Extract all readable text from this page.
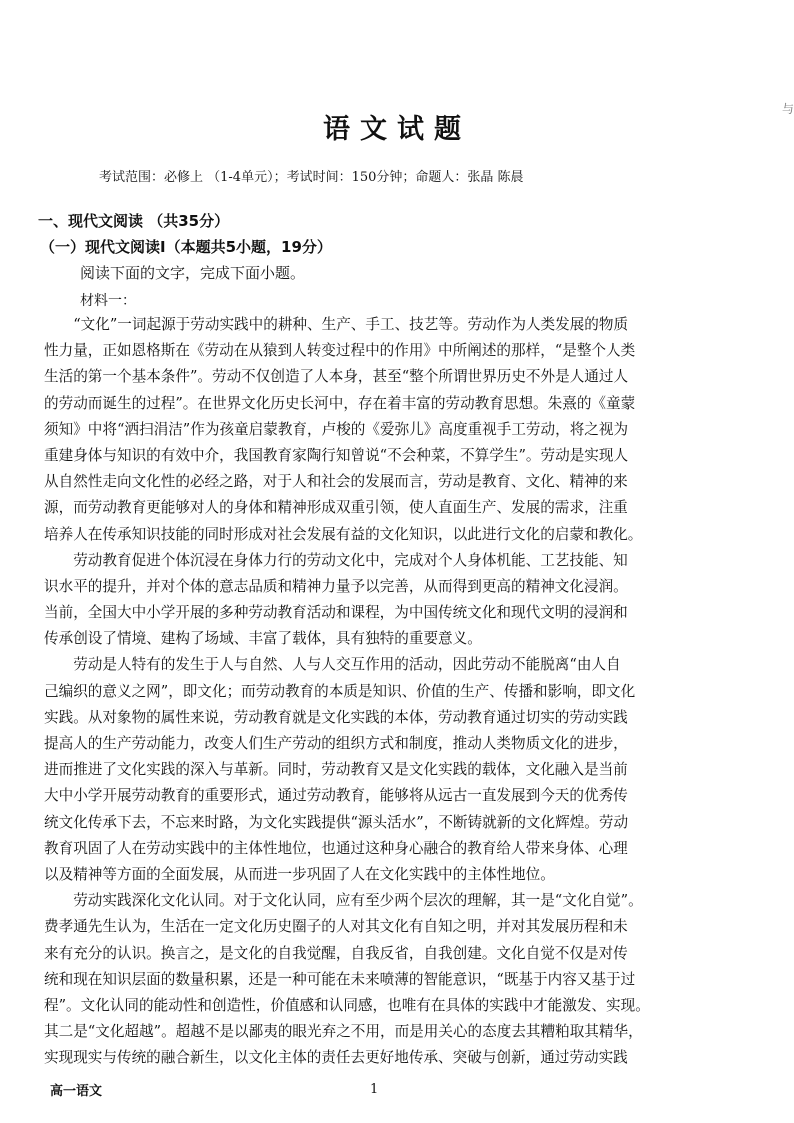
与
语文试题
考试范围：必修上 （1-4单元）；考试时间：150分钟；命题人：张晶 陈晨
一、现代文阅读 （共35分）
（一）现代文阅读Ⅰ（本题共5小题，19分）
阅读下面的文字，完成下面小题。
材料一：
　　“文化”一词起源于劳动实践中的耕种、生产、手工、技艺等。劳动作为人类发展的物质
性力量，正如恩格斯在《劳动在从猿到人转变过程中的作用》中所阐述的那样，“是整个人类
生活的第一个基本条件”。劳动不仅创造了人本身，甚至“整个所谓世界历史不外是人通过人
的劳动而诞生的过程”。在世界文化历史长河中，存在着丰富的劳动教育思想。朱熹的《童蒙
须知》中将“洒扫涓洁”作为孩童启蒙教育，卢梭的《爱弥儿》高度重视手工劳动，将之视为
重建身体与知识的有效中介，我国教育家陶行知曾说“不会种菜，不算学生”。劳动是实现人
从自然性走向文化性的必经之路，对于人和社会的发展而言，劳动是教育、文化、精神的来
源，而劳动教育更能够对人的身体和精神形成双重引领，使人直面生产、发展的需求，注重
培养人在传承知识技能的同时形成对社会发展有益的文化知识，以此进行文化的启蒙和教化。
　　劳动教育促进个体沉浸在身体力行的劳动文化中，完成对个人身体机能、工艺技能、知
识水平的提升，并对个体的意志品质和精神力量予以完善，从而得到更高的精神文化浸润。
当前，全国大中小学开展的多种劳动教育活动和课程，为中国传统文化和现代文明的浸润和
传承创设了情境、建构了场域、丰富了载体，具有独特的重要意义。
　　劳动是人特有的发生于人与自然、人与人交互作用的活动，因此劳动不能脱离“由人自
己编织的意义之网”，即文化；而劳动教育的本质是知识、价值的生产、传播和影响，即文化
实践。从对象物的属性来说，劳动教育就是文化实践的本体，劳动教育通过切实的劳动实践
提高人的生产劳动能力，改变人们生产劳动的组织方式和制度，推动人类物质文化的进步，
进而推进了文化实践的深入与革新。同时，劳动教育又是文化实践的载体，文化融入是当前
大中小学开展劳动教育的重要形式，通过劳动教育，能够将从远古一直发展到今天的优秀传
统文化传承下去，不忘来时路，为文化实践提供“源头活水”，不断铸就新的文化辉煌。劳动
教育巩固了人在劳动实践中的主体性地位，也通过这种身心融合的教育给人带来身体、心理
以及精神等方面的全面发展，从而进一步巩固了人在文化实践中的主体性地位。
　　劳动实践深化文化认同。对于文化认同，应有至少两个层次的理解，其一是“文化自觉”。
费孝通先生认为，生活在一定文化历史圈子的人对其文化有自知之明，并对其发展历程和未
来有充分的认识。换言之，是文化的自我觉醒，自我反省，自我创建。文化自觉不仅是对传
统和现在知识层面的数量积累，还是一种可能在未来喷薄的智能意识，“既基于内容又基于过
程”。文化认同的能动性和创造性，价值感和认同感，也唯有在具体的实践中才能激发、实现。
其二是“文化超越”。超越不是以鄙夷的眼光弃之不用，而是用关心的态度去其糟粕取其精华，
实现现实与传统的融合新生，以文化主体的责任去更好地传承、突破与创新，通过劳动实践
高一语文	1
